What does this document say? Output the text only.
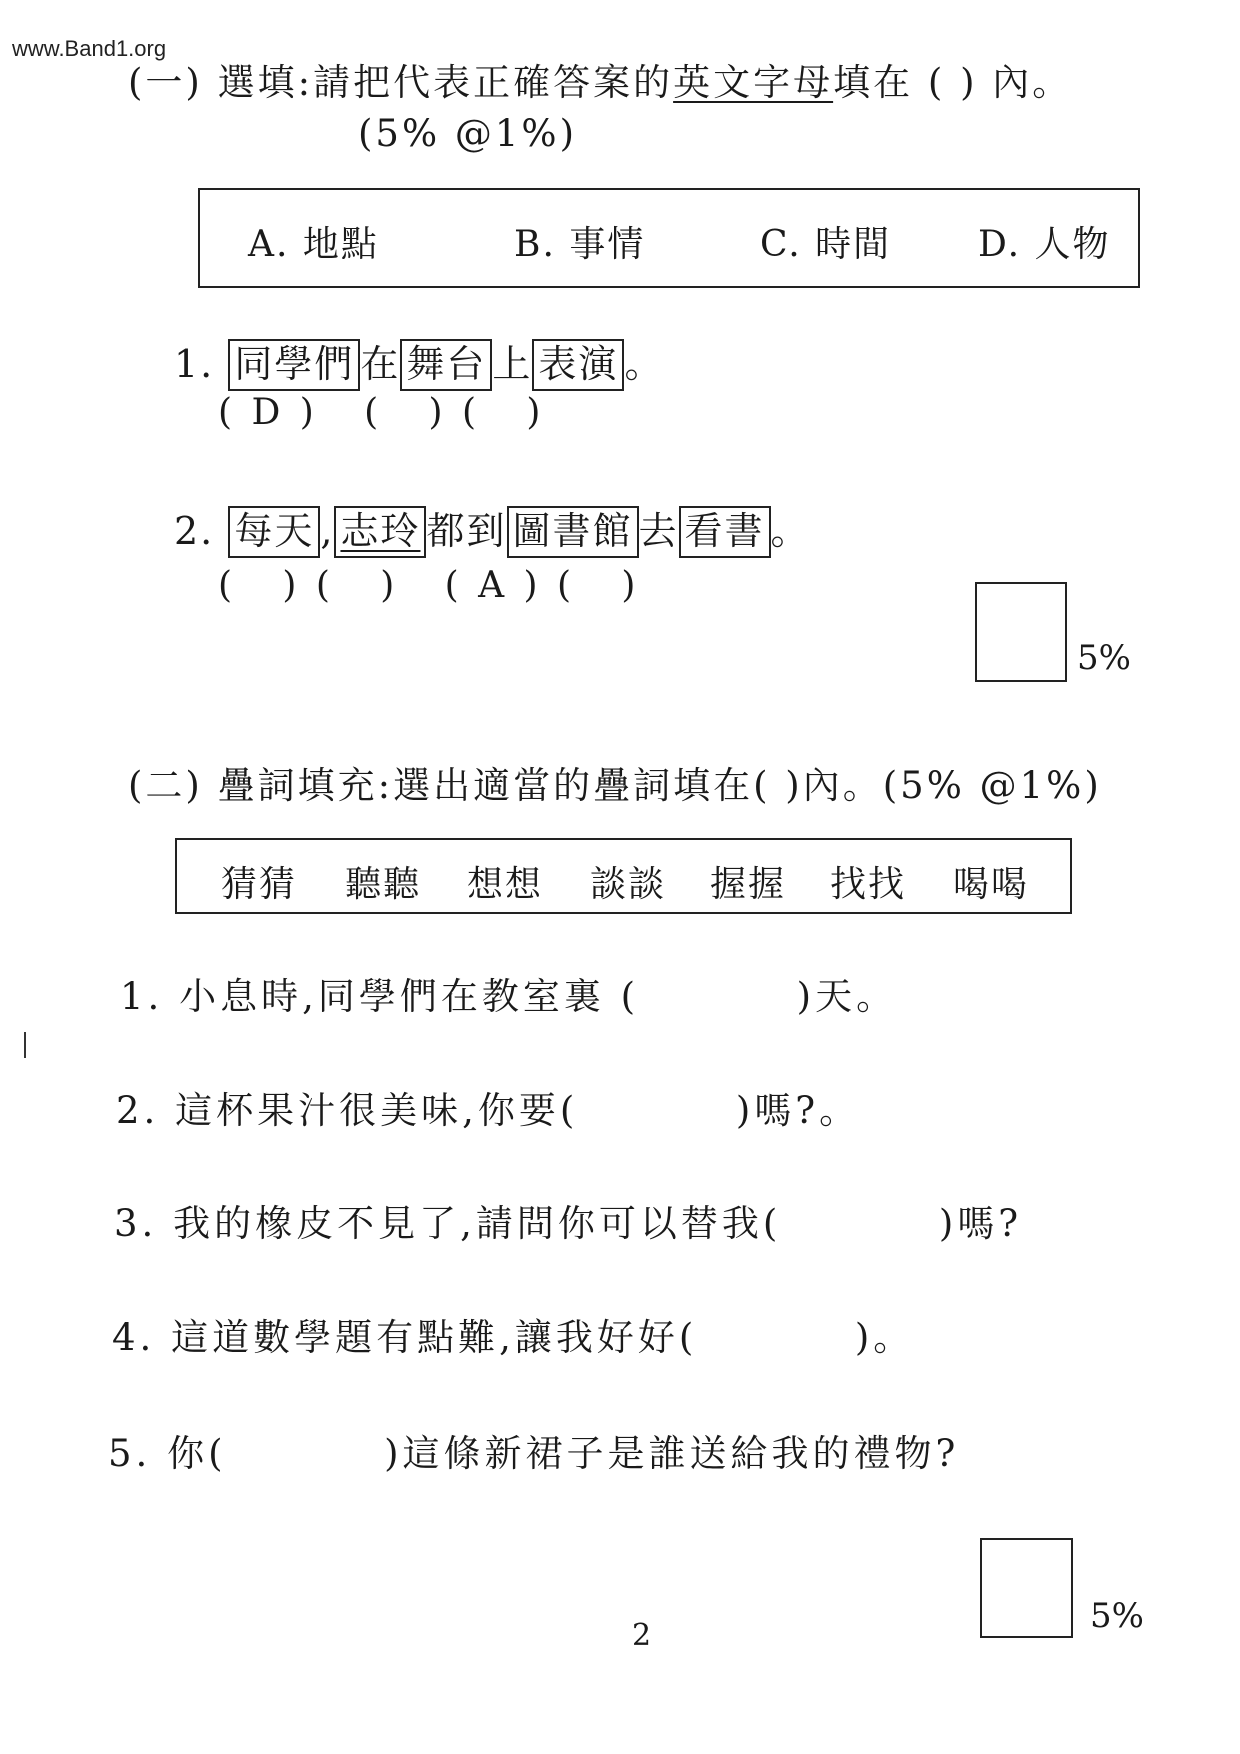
www.Band1.org
(一) 選填:請把代表正確答案的英文字母填在 ( ) 內。
(5% @1%)
A. 地點	B. 事情	C. 時間 D. 人物
1. 同學們 在 舞台 上 表演 。
( D )   (   ) (   )
2. 每天 , 志玲 都到 圖書館 去 看書 。
(   ) (   )   ( A ) (   )
5%
(二) 疊詞填充:選出適當的疊詞填在( )內。(5% @1%)
猜猜 聽聽 想想 談談 握握 找找 喝喝
1. 小息時,同學們在教室裏 (          )天。
2. 這杯果汁很美味,你要(          )嗎?。
3. 我的橡皮不見了,請問你可以替我(          )嗎?
4. 這道數學題有點難,讓我好好(          )。
5. 你(          )這條新裙子是誰送給我的禮物?
5%
2
